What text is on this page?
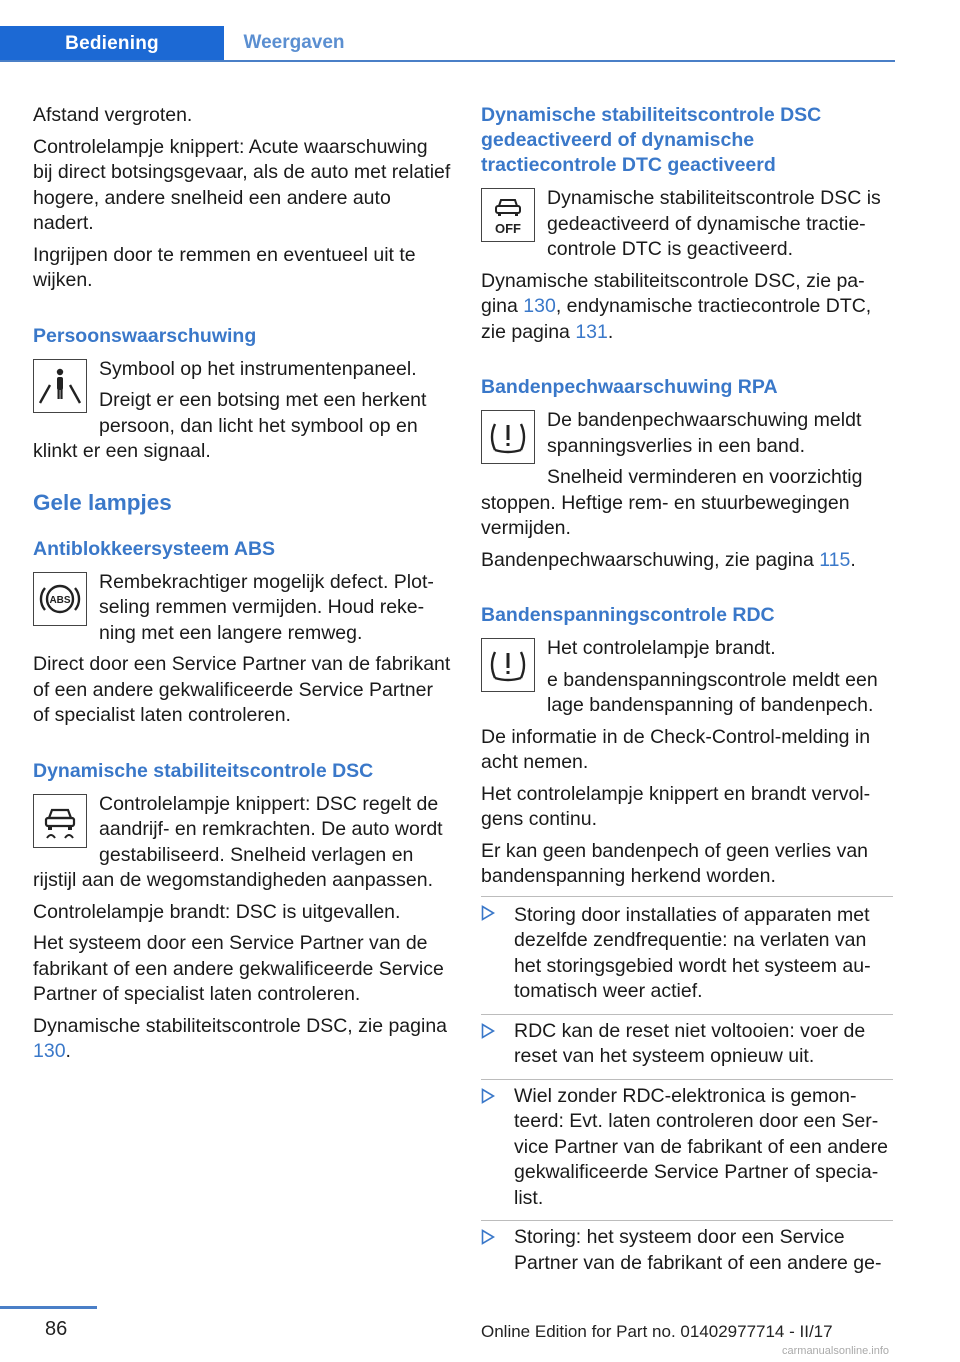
Bediening	Weergaven

Afstand vergroten.

Controlelampje knippert: Acute waarschuwing bij direct botsingsgevaar, als de auto met relatief hogere, andere snelheid een andere auto nadert.

Ingrijpen door te remmen en eventueel uit te wijken.

Persoonswaarschuwing

Symbool op het instrumentenpaneel.

Dreigt er een botsing met een herkent persoon, dan licht het symbool op en klinkt er een signaal.

Gele lampjes
Antiblokkeersysteem ABS
ABS

Rembekrachtiger mogelijk defect. Plotseling remmen vermijden. Houd rekening met een langere remweg.

Direct door een Service Partner van de fabrikant of een andere gekwalificeerde Service Partner of specialist laten controleren.

Dynamische stabiliteitscontrole DSC

Controlelampje knippert: DSC regelt de aandrijf- en remkrachten. De auto wordt gestabiliseerd. Snelheid verlagen en rijstijl aan de wegomstandigheden aanpassen.

Controlelampje brandt: DSC is uitgevallen.

Het systeem door een Service Partner van de fabrikant of een andere gekwalificeerde Service Partner of specialist laten controleren.

Dynamische stabiliteitscontrole DSC, zie pagina 130.

Dynamische stabiliteitscontrole DSC gedeactiveerd of dynamische tractiecontrole DTC geactiveerd
OFF

Dynamische stabiliteitscontrole DSC is gedeactiveerd of dynamische tractiecontrole DTC is geactiveerd.

Dynamische stabiliteitscontrole DSC, zie pagina 130, endynamische tractiecontrole DTC, zie pagina 131.

Bandenpechwaarschuwing RPA

De bandenpechwaarschuwing meldt spanningsverlies in een band.

Snelheid verminderen en voorzichtig stoppen. Heftige rem- en stuurbewegingen vermijden.

Bandenpechwaarschuwing, zie pagina 115.

Bandenspanningscontrole RDC

Het controlelampje brandt.

e bandenspanningscontrole meldt een lage bandenspanning of bandenpech.

De informatie in de Check-Control-melding in acht nemen.

Het controlelampje knippert en brandt vervolgens continu.

Er kan geen bandenpech of geen verlies van bandenspanning herkend worden.

Storing door installaties of apparaten met dezelfde zendfrequentie: na verlaten van het storingsgebied wordt het systeem automatisch weer actief.
RDC kan de reset niet voltooien: voer de reset van het systeem opnieuw uit.
Wiel zonder RDC-elektronica is gemonteerd: Evt. laten controleren door een Service Partner van de fabrikant of een andere gekwalificeerde Service Partner of specialist.
Storing: het systeem door een Service Partner van de fabrikant of een andere ge-
86	Online Edition for Part no. 01402977714 - II/17
carmanualsonline.info
